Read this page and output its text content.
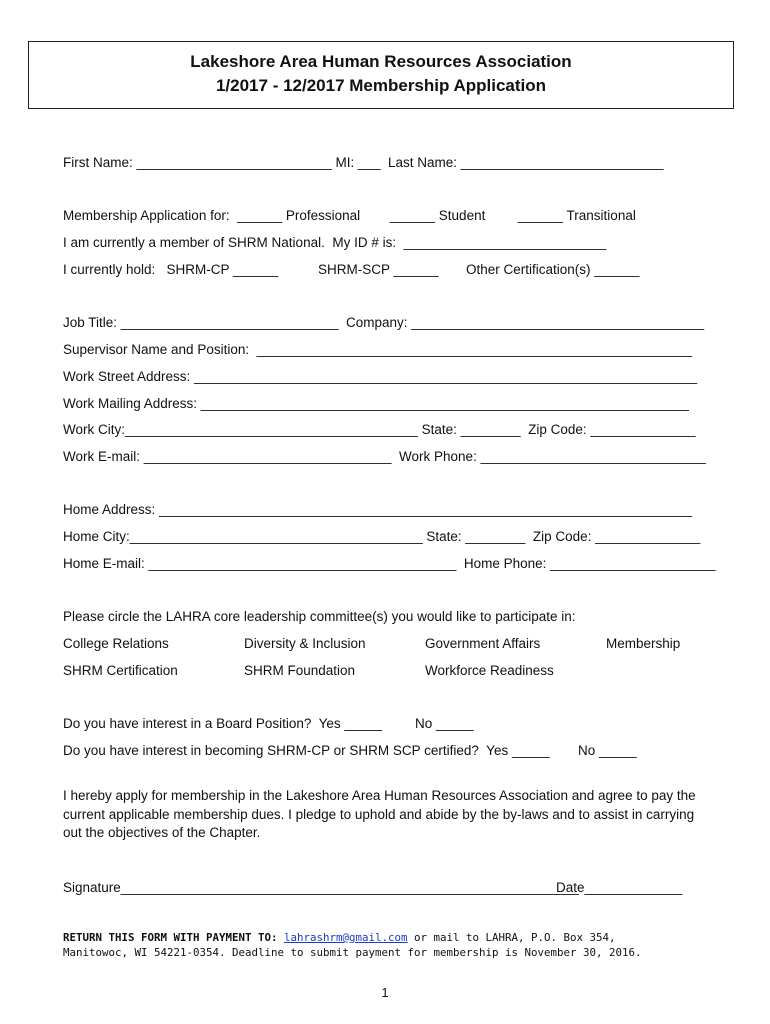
Lakeshore Area Human Resources Association
1/2017 - 12/2017 Membership Application
First Name: __________________________ MI: ___  Last Name: ___________________________
Membership Application for:  ______ Professional ______ Student ______ Transitional
I am currently a member of SHRM National.  My ID # is:  ___________________________
I currently hold:   SHRM-CP ______	SHRM-SCP ______ Other Certification(s) ______
Job Title: _____________________________  Company: _______________________________________
Supervisor Name and Position:  __________________________________________________________
Work Street Address: ___________________________________________________________________
Work Mailing Address: _________________________________________________________________
Work City:_______________________________________ State: ________  Zip Code: ______________
Work E-mail: _________________________________  Work Phone: ______________________________
Home Address: _______________________________________________________________________
Home City:_______________________________________ State: ________  Zip Code: ______________
Home E-mail: _________________________________________  Home Phone: ______________________
Please circle the LAHRA core leadership committee(s) you would like to participate in:
College Relations	Diversity & Inclusion	Government Affairs	Membership
SHRM Certification	SHRM Foundation	Workforce Readiness
Do you have interest in a Board Position?  Yes _____ No _____
Do you have interest in becoming SHRM-CP or SHRM SCP certified?  Yes _____ No _____
I hereby apply for membership in the Lakeshore Area Human Resources Association and agree to pay the current applicable membership dues. I pledge to uphold and abide by the by-laws and to assist in carrying out the objectives of the Chapter.
Signature_____________________________________________________________
Date_____________
RETURN THIS FORM WITH PAYMENT TO: lahrashrm@gmail.com or mail to LAHRA, P.O. Box 354,
Manitowoc, WI 54221-0354. Deadline to submit payment for membership is November 30, 2016.
1
